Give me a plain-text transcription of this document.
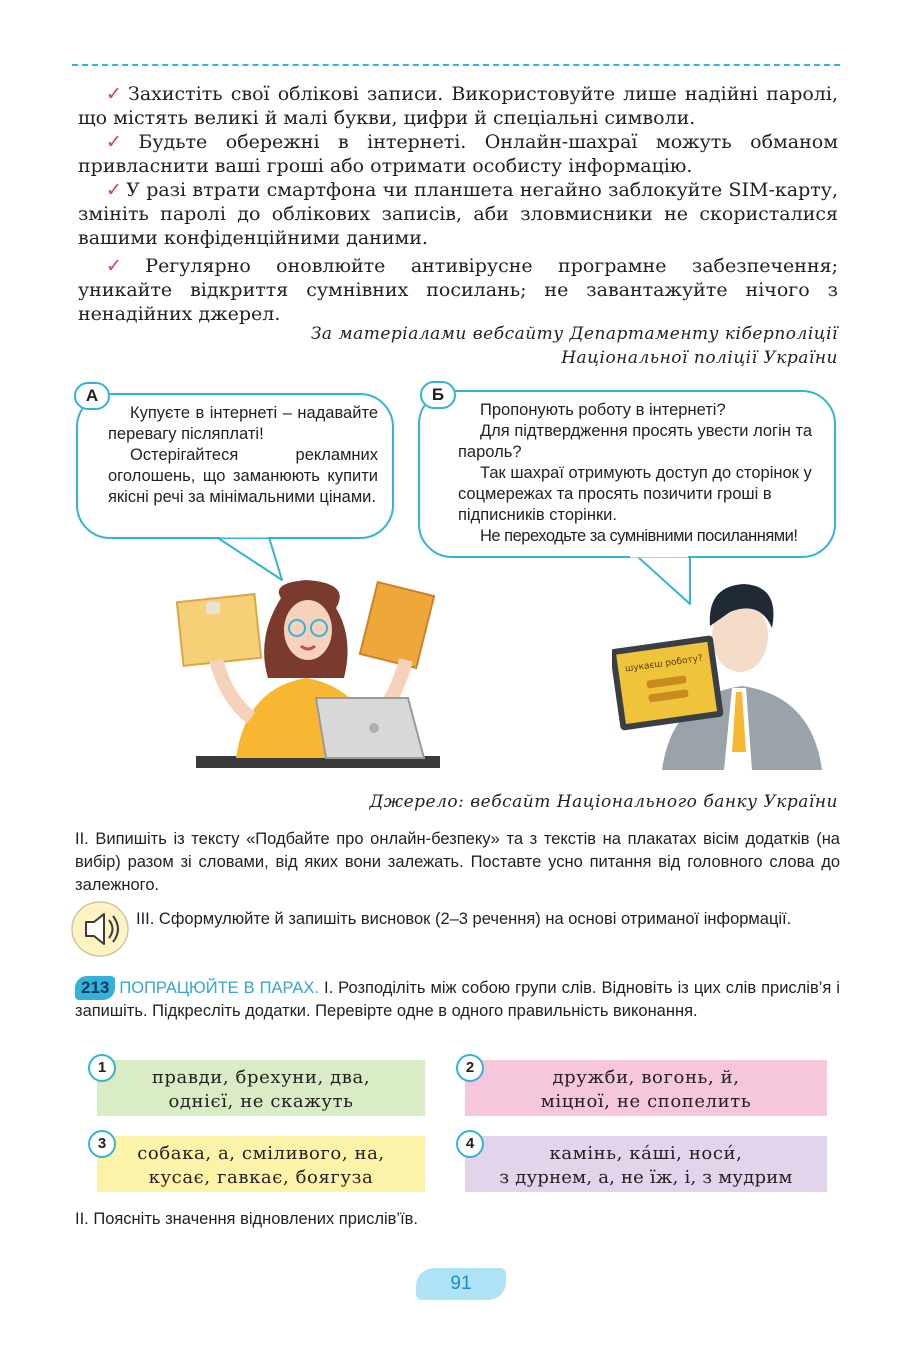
✓ Захистіть свої облікові записи. Використовуйте лише надійні паролі, що містять великі й малі букви, цифри й спеціальні символи.

✓ Будьте обережні в інтернеті. Онлайн-шахраї можуть обманом привласнити ваші гроші або отримати особисту інформацію.

✓ У разі втрати смартфона чи планшета негайно заблокуйте SIM-карту, змініть паролі до облікових записів, аби зловмисники не скористалися вашими конфіденційними даними.

✓ Регулярно оновлюйте антивірусне програмне забезпечення; уникайте відкриття сумнівних посилань; не завантажуйте нічого з ненадійних джерел.

За матеріалами вебсайту Департаменту кіберполіції
Національної поліції України

Купуєте в інтернеті – надавайте перевагу післяплаті!

Остерігайтеся рекламних оголошень, що заманюють купити якісні речі за мінімальними цінами.

А

Пропонують роботу в інтернеті?

Для підтвердження просять увести логін та пароль?

Так шахраї отримують доступ до сторінок у соцмережах та просять позичити гроші в підписників сторінки.

Не переходьте за сумнівними посиланнями!

Б
шукаєш роботу?
Джерело: вебсайт Національного банку України

ІІ. Випишіть із тексту «Подбайте про онлайн-безпеку» та з текстів на плакатах вісім додатків (на вибір) разом зі словами, від яких вони залежать. Поставте усно питання від головного слова до залежного.

ІІІ. Сформулюйте й запишіть висновок (2–3 речення) на основі отриманої інформації.

213 ПОПРАЦЮЙТЕ В ПАРАХ. І. Розподіліть між собою групи слів. Відновіть із цих слів прислів’я і запишіть. Підкресліть додатки. Перевірте одне в одного правильність виконання.

правди, брехуни, два,
однієї, не скажуть
1	дружби, вогонь, й,
міцної, не спопелить
2
собака, а, сміливого, на,
кусає, гавкає, боягуза
3	камінь, ка́ші, носи́,
з дурнем, а, не їж, і, з мудрим
4

ІІ. Поясніть значення відновлених прислів’їв.

91
